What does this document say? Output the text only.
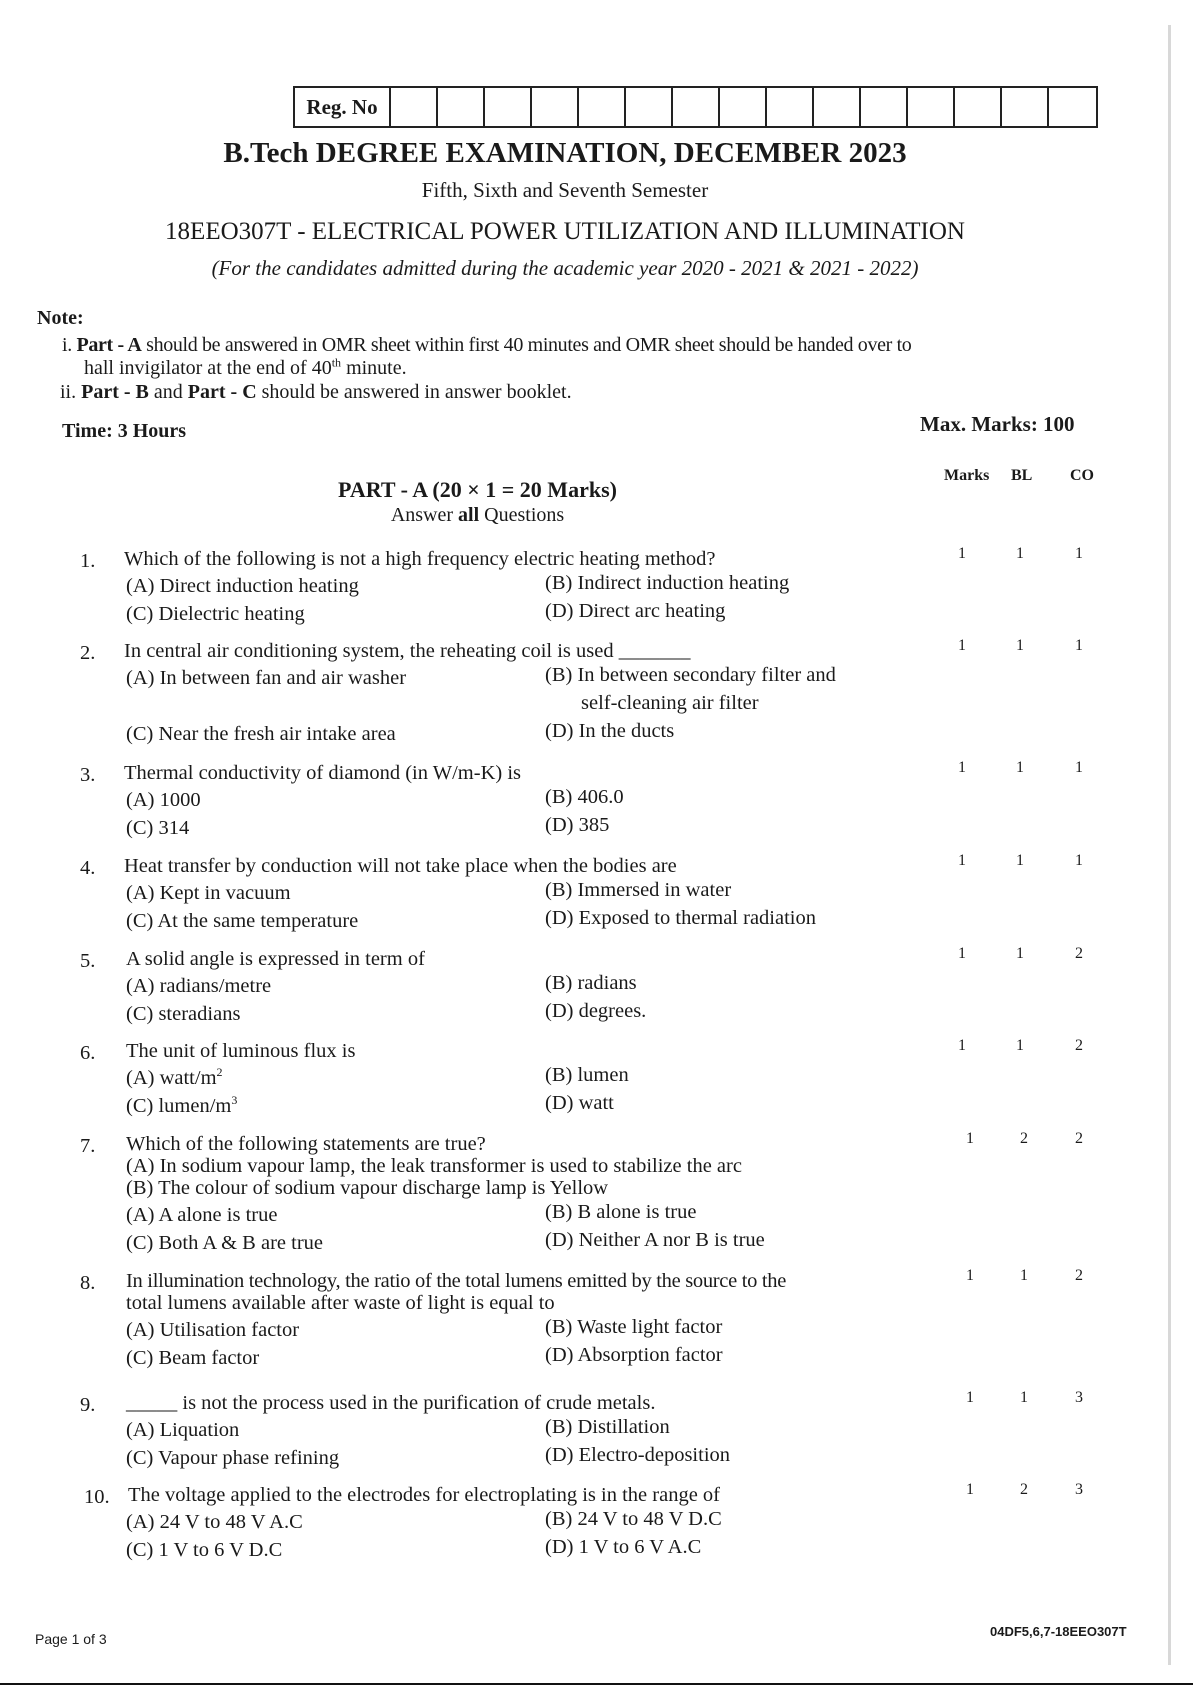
Reg. No
B.Tech DEGREE EXAMINATION, DECEMBER 2023
Fifth, Sixth and Seventh Semester
18EEO307T - ELECTRICAL POWER UTILIZATION AND ILLUMINATION
(For the candidates admitted during the academic year 2020 - 2021 & 2021 - 2022)
Note:
i. Part - A should be answered in OMR sheet within first 40 minutes and OMR sheet should be handed over to
hall invigilator at the end of 40th minute.
ii. Part - B and Part - C should be answered in answer booklet.
Time: 3 Hours	Max. Marks: 100
PART - A (20 × 1 = 20 Marks)
Answer all Questions
Marks BL CO
1.	Which of the following is not a high frequency electric heating method?
(A) Direct induction heating	(B) Indirect induction heating
(C) Dielectric heating	(D) Direct arc heating
1	1	1
2.	In central air conditioning system, the reheating coil is used _______
(A) In between fan and air washer	(B) In between secondary filter and
self-cleaning air filter
(C) Near the fresh air intake area	(D) In the ducts
1	1	1
3.	Thermal conductivity of diamond (in W/m-K) is
(A) 1000	(B) 406.0
(C) 314	(D) 385
1	1	1
4.	Heat transfer by conduction will not take place when the bodies are
(A) Kept in vacuum	(B) Immersed in water
(C) At the same temperature	(D) Exposed to thermal radiation
1	1	1
5.	A solid angle is expressed in term of
(A) radians/metre	(B) radians
(C) steradians	(D) degrees.
1	1	2
6.	The unit of luminous flux is
(A) watt/$m^2$	(B) lumen
(C) lumen/$m^3$	(D) watt
1	1	2
7.	Which of the following statements are true?
(A) In sodium vapour lamp, the leak transformer is used to stabilize the arc
(B) The colour of sodium vapour discharge lamp is Yellow
(A) A alone is true	(B) B alone is true
(C) Both A & B are true	(D) Neither A nor B is true
1	2	2
8.	In illumination technology, the ratio of the total lumens emitted by the source to the
total lumens available after waste of light is equal to
(A) Utilisation factor	(B) Waste light factor
(C) Beam factor	(D) Absorption factor
1	1	2
9.	_____ is not the process used in the purification of crude metals.
(A) Liquation	(B) Distillation
(C) Vapour phase refining	(D) Electro-deposition
1	1	3
10. The voltage applied to the electrodes for electroplating is in the range of
(A) 24 V to 48 V A.C	(B) 24 V to 48 V D.C
(C) 1 V to 6 V D.C	(D) 1 V to 6 V A.C
1	2	3
Page 1 of 3	04DF5,6,7-18EEO307T
